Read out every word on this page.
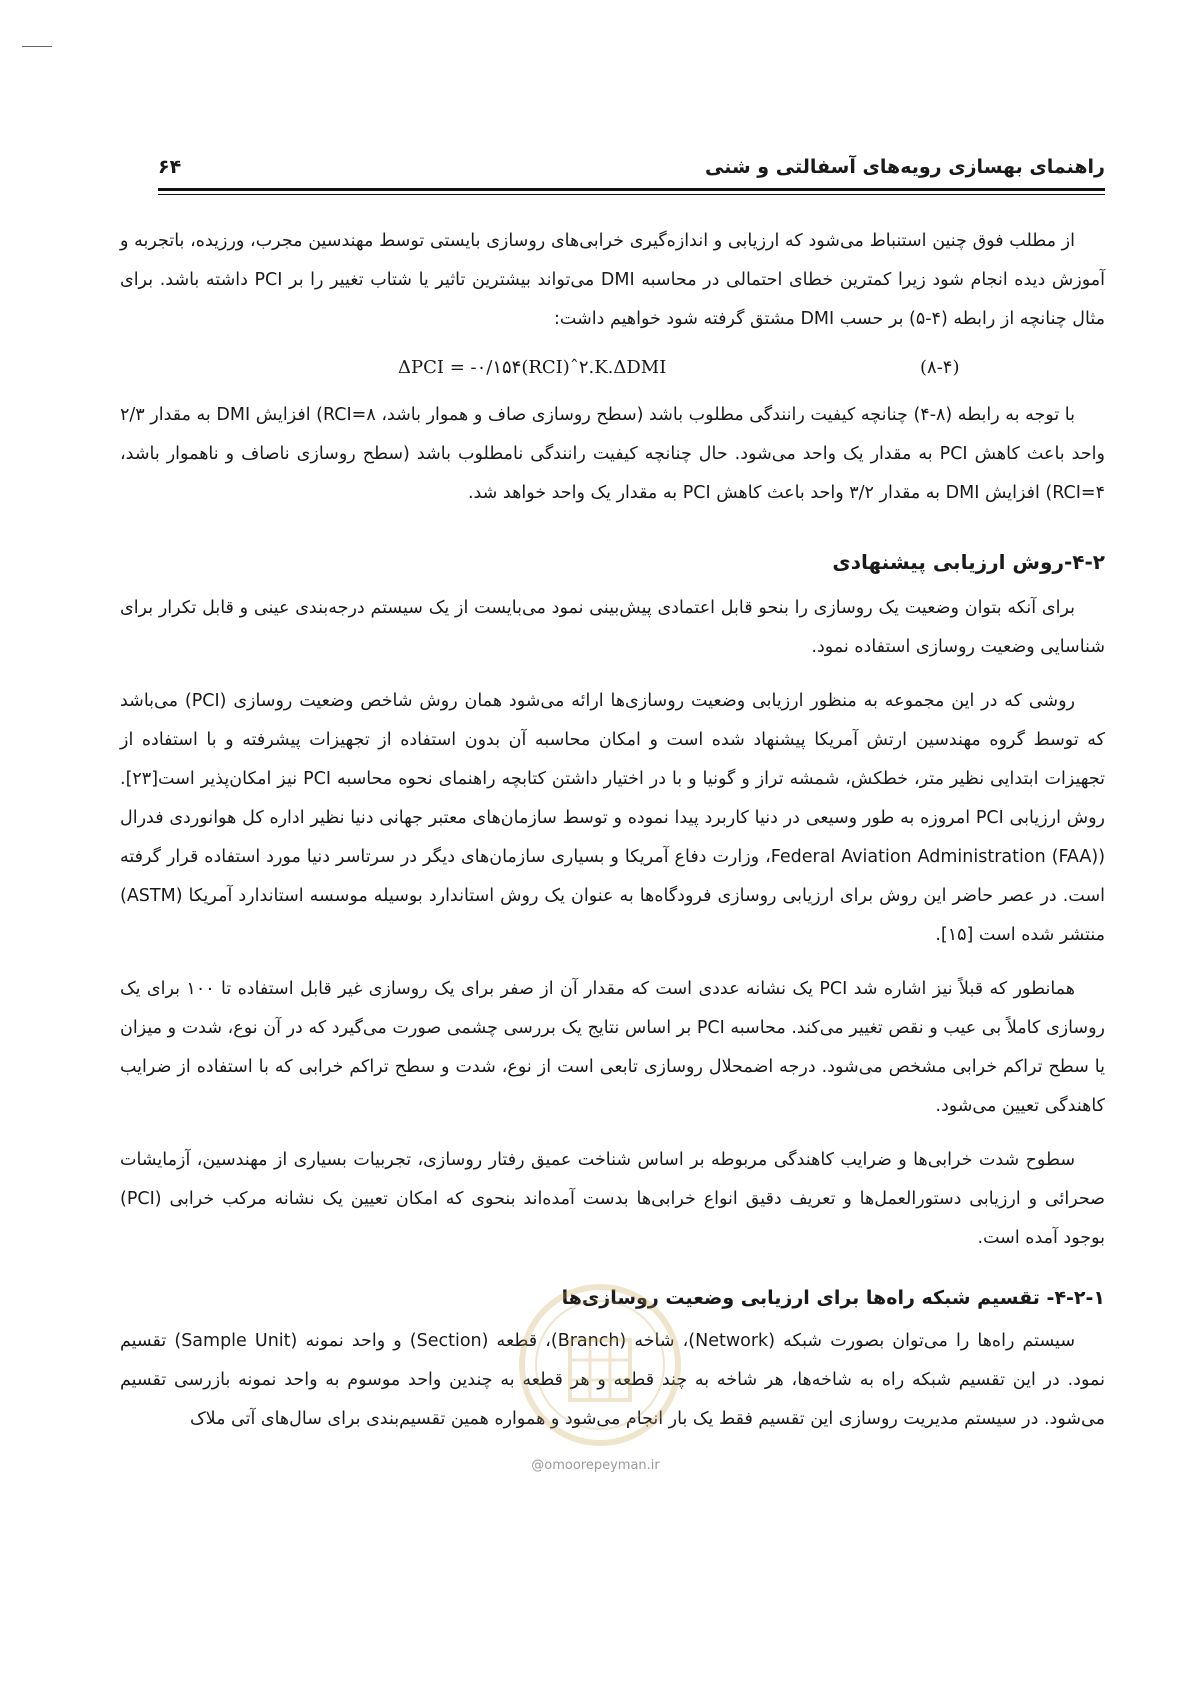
۶۴	راهنمای بهسازی رویه‌های آسفالتی و شنی

از مطلب فوق چنین استنباط می‌شود که ارزیابی و اندازه‌گیری خرابی‌های روسازی بایستی توسط مهندسین مجرب، ورزیده، باتجربه و آموزش دیده انجام شود زیرا کمترین خطای احتمالی در محاسبه DMI می‌تواند بیشترین تاثیر یا شتاب تغییر را بر PCI داشته باشد. برای مثال چنانچه از رابطه (۴-۵) بر حسب DMI مشتق گرفته شود خواهیم داشت:

ΔPCI = -۰/۱۵۴(RCI)ˆ۲.K.ΔDMI	(۸-۴)

با توجه به رابطه (۸-۴) چنانچه کیفیت رانندگی مطلوب باشد (سطح روسازی صاف و هموار باشد، RCI=۸) افزایش DMI به مقدار ۲/۳ واحد باعث کاهش PCI به مقدار یک واحد می‌شود. حال چنانچه کیفیت رانندگی نامطلوب باشد (سطح روسازی ناصاف و ناهموار باشد، RCI=۴) افزایش DMI به مقدار ۳/۲ واحد باعث کاهش PCI به مقدار یک واحد خواهد شد.

۴-۲-روش ارزیابی پیشنهادی

برای آنکه بتوان وضعیت یک روسازی را بنحو قابل اعتمادی پیش‌بینی نمود می‌بایست از یک سیستم درجه‌بندی عینی و قابل تکرار برای شناسایی وضعیت روسازی استفاده نمود.

روشی که در این مجموعه به منظور ارزیابی وضعیت روسازی‌ها ارائه می‌شود همان روش شاخص وضعیت روسازی (PCI) می‌باشد که توسط گروه مهندسین ارتش آمریکا پیشنهاد شده است و امکان محاسبه آن بدون استفاده از تجهیزات پیشرفته و با استفاده از تجهیزات ابتدایی نظیر متر، خطکش، شمشه تراز و گونیا و با در اختیار داشتن کتابچه راهنمای نحوه محاسبه PCI نیز امکان‌پذیر است[۲۳]. روش ارزیابی PCI امروزه به طور وسیعی در دنیا کاربرد پیدا نموده و توسط سازمان‌های معتبر جهانی دنیا نظیر اداره کل هوانوردی فدرال (Federal Aviation Administration (FAA)، وزارت دفاع آمریکا و بسیاری سازمان‌های دیگر در سرتاسر دنیا مورد استفاده قرار گرفته است. در عصر حاضر این روش برای ارزیابی روسازی فرودگاه‌ها به عنوان یک روش استاندارد بوسیله موسسه استاندارد آمریکا (ASTM) منتشر شده است [۱۵].

همانطور که قبلاً نیز اشاره شد PCI یک نشانه عددی است که مقدار آن از صفر برای یک روسازی غیر قابل استفاده تا ۱۰۰ برای یک روسازی کاملاً بی عیب و نقص تغییر می‌کند. محاسبه PCI بر اساس نتایج یک بررسی چشمی صورت می‌گیرد که در آن نوع، شدت و میزان یا سطح تراکم خرابی مشخص می‌شود. درجه اضمحلال روسازی تابعی است از نوع، شدت و سطح تراکم خرابی که با استفاده از ضرایب کاهندگی تعیین می‌شود.

سطوح شدت خرابی‌ها و ضرایب کاهندگی مربوطه بر اساس شناخت عمیق رفتار روسازی، تجربیات بسیاری از مهندسین، آزمایشات صحرائی و ارزیابی دستورالعمل‌ها و تعریف دقیق انواع خرابی‌ها بدست آمده‌اند بنحوی که امکان تعیین یک نشانه مرکب خرابی (PCI) بوجود آمده است.

۴-۲-۱- تقسیم شبکه راه‌ها برای ارزیابی وضعیت روسازی‌ها

سیستم راه‌ها را می‌توان بصورت شبکه (Network)، شاخه (Branch)، قطعه (Section) و واحد نمونه (Sample Unit) تقسیم نمود. در این تقسیم شبکه راه به شاخه‌ها، هر شاخه به چند قطعه و هر قطعه به چندین واحد موسوم به واحد نمونه بازرسی تقسیم می‌شود. در سیستم مدیریت روسازی این تقسیم فقط یک بار انجام می‌شود و همواره همین تقسیم‌بندی برای سال‌های آتی ملاک

@omoorepeyman.ir
